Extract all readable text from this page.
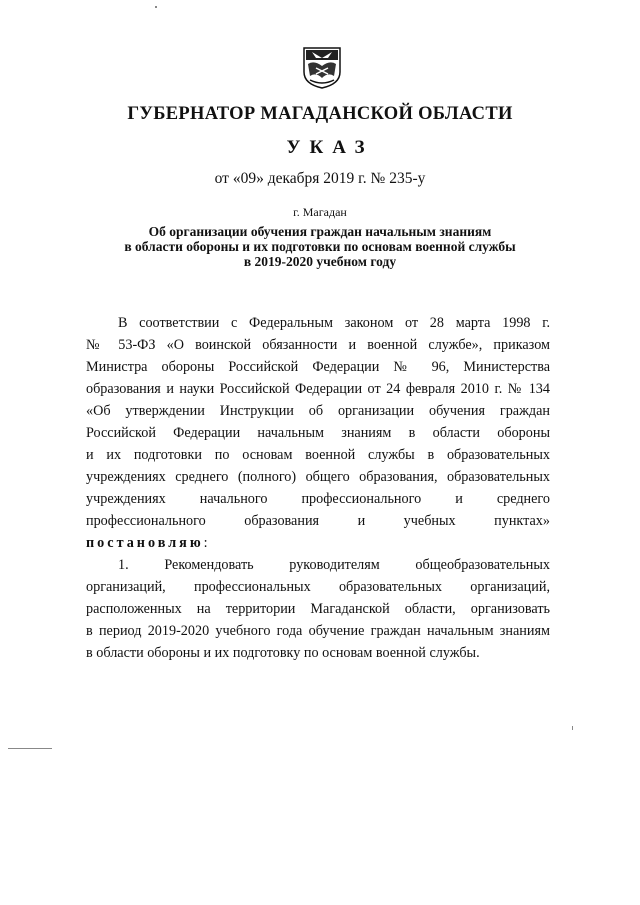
ГУБЕРНАТОР МАГАДАНСКОЙ ОБЛАСТИ
УКАЗ
от «09» декабря 2019 г. № 235-у
г. Магадан
Об организации обучения граждан начальным знаниям
в области обороны и их подготовки по основам военной службы
в 2019-2020 учебном году
В соответствии с Федеральным законом от 28 марта 1998 г.
№ 53-ФЗ «О воинской обязанности и военной службе», приказом
Министра обороны Российской Федерации № 96, Министерства
образования и науки Российской Федерации от 24 февраля 2010 г. № 134
«Об утверждении Инструкции об организации обучения граждан
Российской Федерации начальным знаниям в области обороны
и их подготовки по основам военной службы в образовательных
учреждениях среднего (полного) общего образования, образовательных
учреждениях начального профессионального и среднего
профессионального образования и учебных пунктах»
постановляю:
1. Рекомендовать руководителям общеобразовательных
организаций, профессиональных образовательных организаций,
расположенных на территории Магаданской области, организовать
в период 2019-2020 учебного года обучение граждан начальным знаниям
в области обороны и их подготовку по основам военной службы.
